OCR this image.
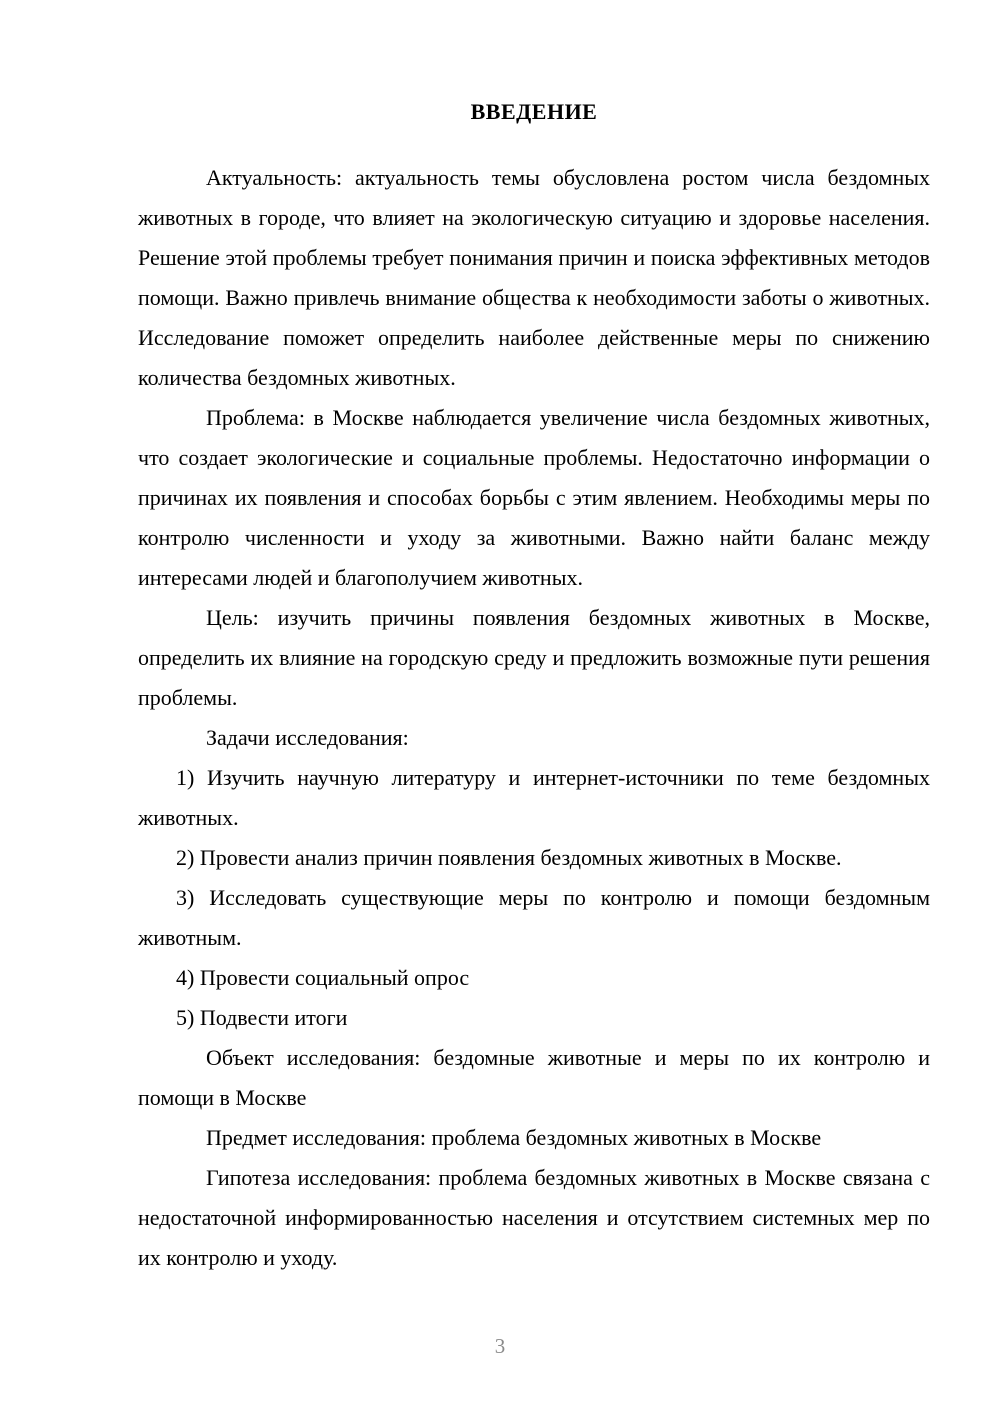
ВВЕДЕНИЕ

Актуальность: актуальность темы обусловлена ростом числа бездомных животных в городе, что влияет на экологическую ситуацию и здоровье населения. Решение этой проблемы требует понимания причин и поиска эффективных методов помощи. Важно привлечь внимание общества к необходимости заботы о животных. Исследование поможет определить наиболее действенные меры по снижению количества бездомных животных.

Проблема: в Москве наблюдается увеличение числа бездомных животных, что создает экологические и социальные проблемы. Недостаточно информации о причинах их появления и способах борьбы с этим явлением. Необходимы меры по контролю численности и уходу за животными. Важно найти баланс между интересами людей и благополучием животных.

Цель: изучить причины появления бездомных животных в Москве, определить их влияние на городскую среду и предложить возможные пути решения проблемы.

Задачи исследования:

1) Изучить научную литературу и интернет-источники по теме бездомных животных.

2) Провести анализ причин появления бездомных животных в Москве.

3) Исследовать существующие меры по контролю и помощи бездомным животным.

4) Провести социальный опрос

5) Подвести итоги

Объект исследования: бездомные животные и меры по их контролю и помощи в Москве

Предмет исследования: проблема бездомных животных в Москве

Гипотеза исследования: проблема бездомных животных в Москве связана с недостаточной информированностью населения и отсутствием системных мер по их контролю и уходу.

3
